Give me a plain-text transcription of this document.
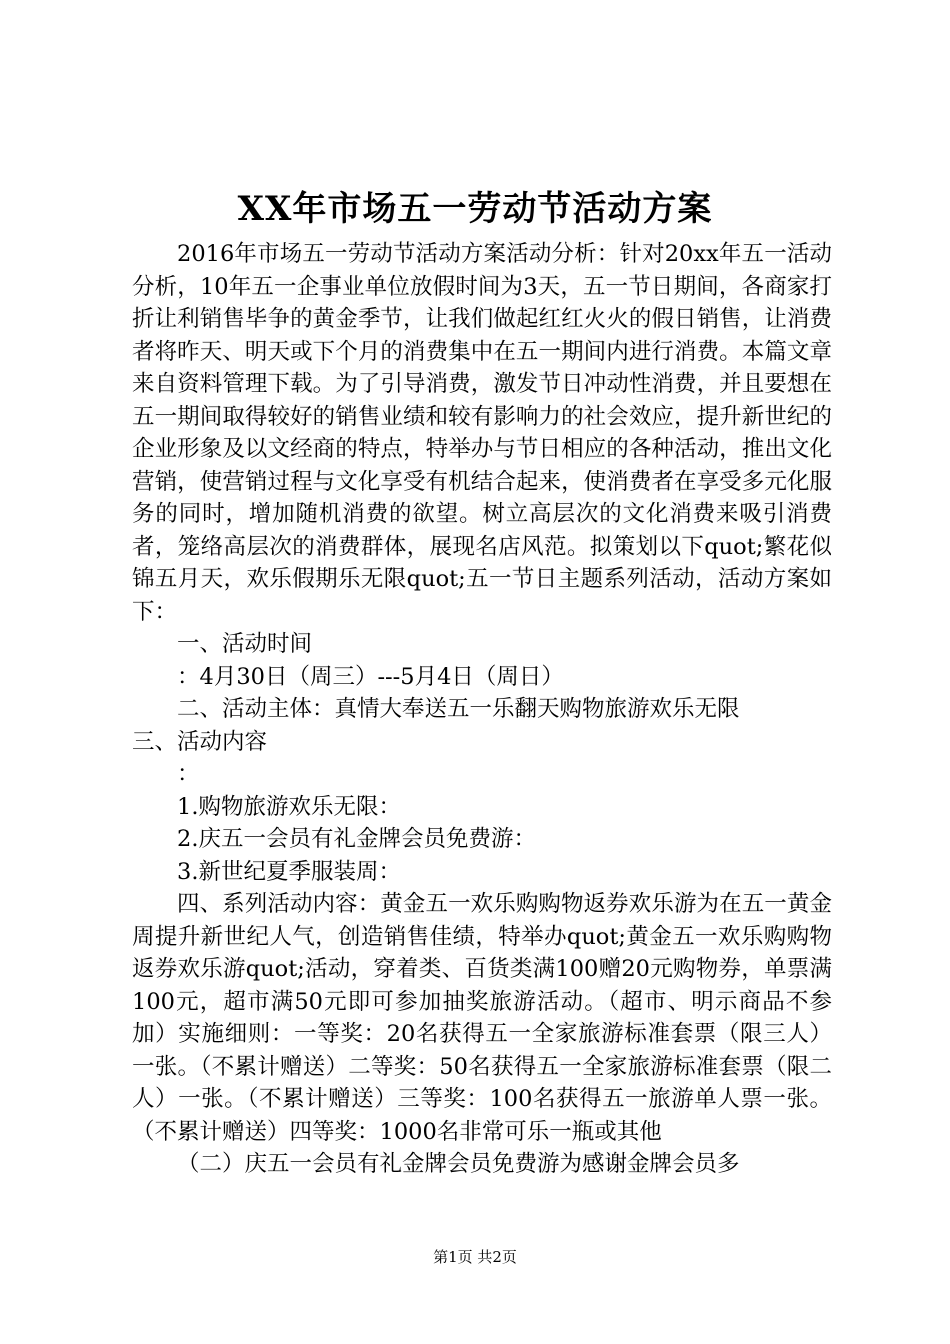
XX年市场五一劳动节活动方案

2016年市场五一劳动节活动方案活动分析：针对20xx年五一活动分析，10年五一企事业单位放假时间为3天，五一节日期间，各商家打折让利销售毕争的黄金季节，让我们做起红红火火的假日销售，让消费者将昨天、明天或下个月的消费集中在五一期间内进行消费。本篇文章来自资料管理下载。为了引导消费，激发节日冲动性消费，并且要想在五一期间取得较好的销售业绩和较有影响力的社会效应，提升新世纪的企业形象及以文经商的特点，特举办与节日相应的各种活动，推出文化营销，使营销过程与文化享受有机结合起来，使消费者在享受多元化服务的同时，增加随机消费的欲望。树立高层次的文化消费来吸引消费者，笼络高层次的消费群体，展现名店风范。拟策划以下quot;繁花似锦五月天，欢乐假期乐无限quot;五一节日主题系列活动，活动方案如下：

一、活动时间

：4月30日（周三）---5月4日（周日）

二、活动主体：真情大奉送五一乐翻天购物旅游欢乐无限

三、活动内容

：

1.购物旅游欢乐无限：

2.庆五一会员有礼金牌会员免费游：

3.新世纪夏季服装周：

四、系列活动内容：黄金五一欢乐购购物返券欢乐游为在五一黄金周提升新世纪人气，创造销售佳绩，特举办quot;黄金五一欢乐购购物返券欢乐游quot;活动，穿着类、百货类满100赠20元购物券，单票满100元，超市满50元即可参加抽奖旅游活动。（超市、明示商品不参加）实施细则：一等奖：20名获得五一全家旅游标准套票（限三人）一张。（不累计赠送）二等奖：50名获得五一全家旅游标准套票（限二人）一张。（不累计赠送）三等奖：100名获得五一旅游单人票一张。（不累计赠送）四等奖：1000名非常可乐一瓶或其他

（二）庆五一会员有礼金牌会员免费游为感谢金牌会员多

第1页 共2页
